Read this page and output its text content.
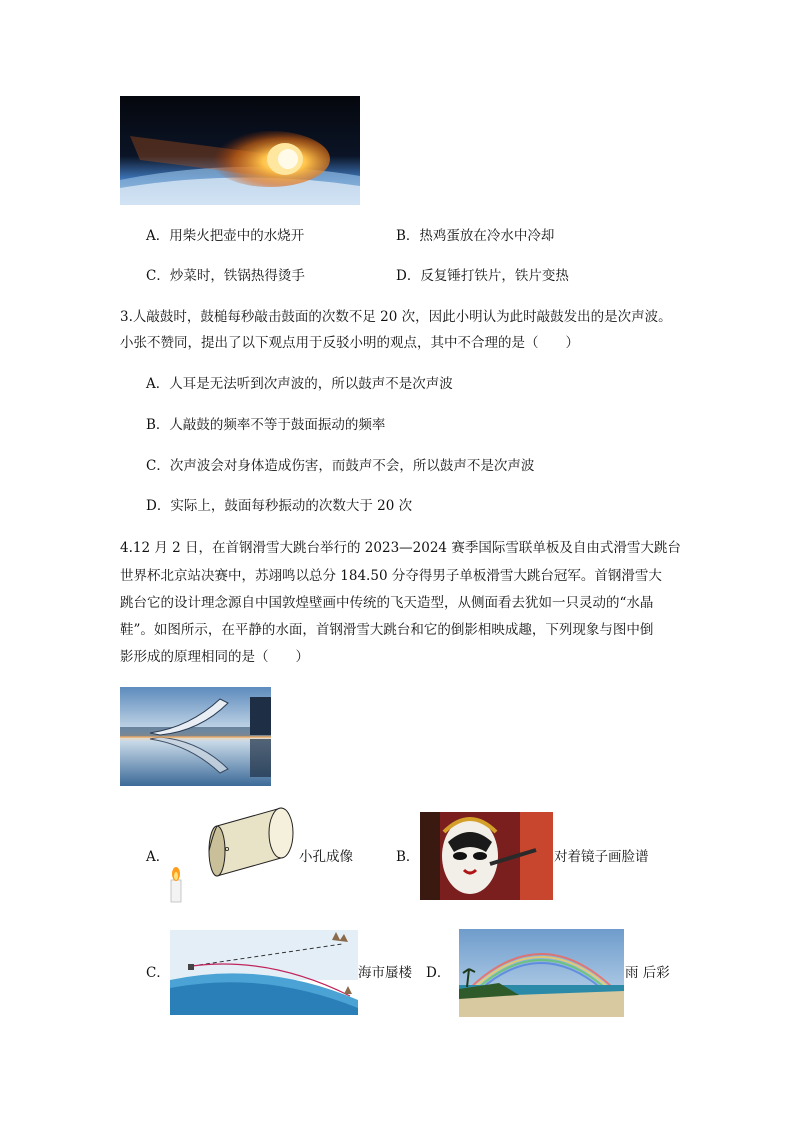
A．用柴火把壶中的水烧开	B．热鸡蛋放在冷水中冷却
C．炒菜时，铁锅热得烫手	D．反复锤打铁片，铁片变热
3.人敲鼓时，鼓槌每秒敲击鼓面的次数不足 20 次，因此小明认为此时敲鼓发出的是次声波。
小张不赞同，提出了以下观点用于反驳小明的观点，其中不合理的是（　　）
A．人耳是无法听到次声波的，所以鼓声不是次声波
B．人敲鼓的频率不等于鼓面振动的频率
C．次声波会对身体造成伤害，而鼓声不会，所以鼓声不是次声波
D．实际上，鼓面每秒振动的次数大于 20 次
4.12 月 2 日，在首钢滑雪大跳台举行的 2023—2024 赛季国际雪联单板及自由式滑雪大跳台
世界杯北京站决赛中，苏翊鸣以总分 184.50 分夺得男子单板滑雪大跳台冠军。首钢滑雪大
跳台它的设计理念源自中国敦煌壁画中传统的飞天造型，从侧面看去犹如一只灵动的“水晶
鞋”。如图所示，在平静的水面，首钢滑雪大跳台和它的倒影相映成趣，下列现象与图中倒
影形成的原理相同的是（　　）
A．	小孔成像	B．	对着镜子画脸谱
C．	海市蜃楼 D．	雨 后彩
